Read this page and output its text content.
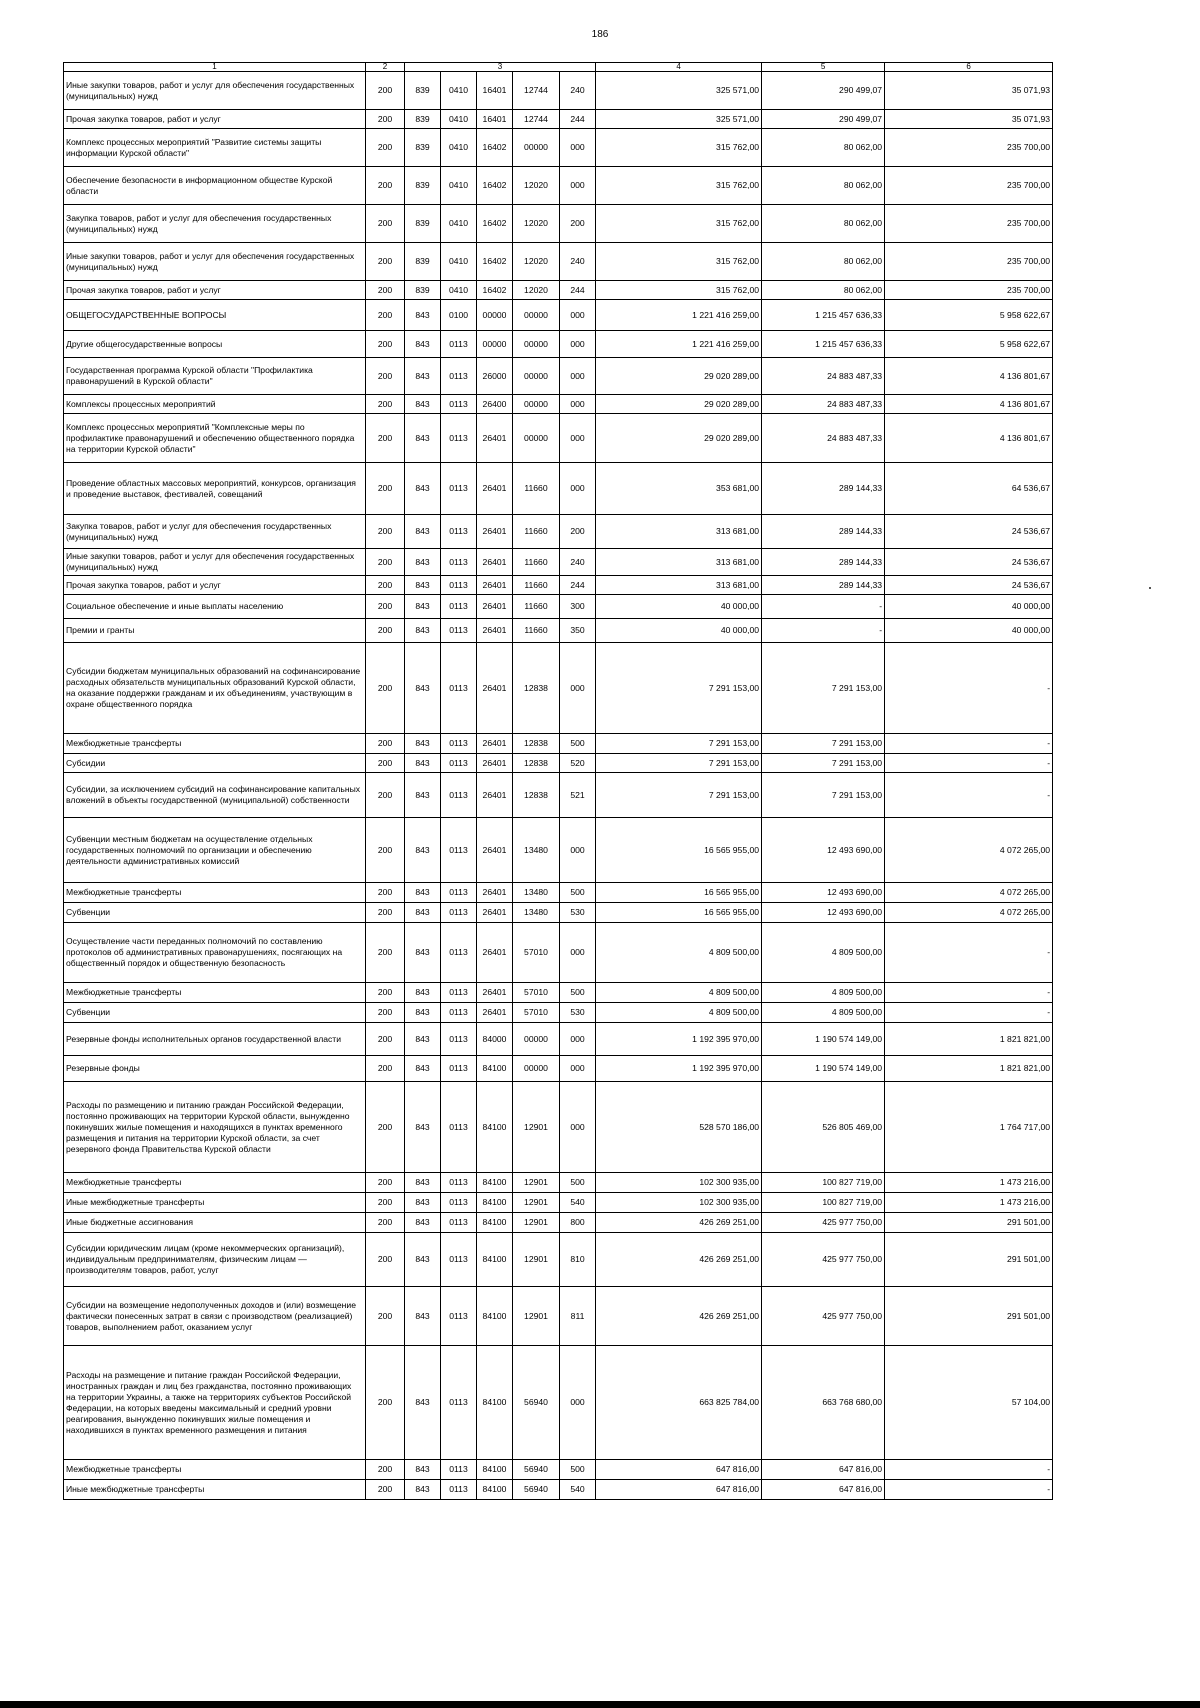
186
1	2	3					4	5	6
Иные закупки товаров, работ и услуг для обеспечения государственных (муниципальных) нужд	200	839	0410	16401	12744	240	325 571,00	290 499,07	35 071,93
Прочая закупка товаров, работ и услуг	200	839	0410	16401	12744	244	325 571,00	290 499,07	35 071,93
Комплекс процессных мероприятий "Развитие системы защиты информации Курской области"	200	839	0410	16402	00000	000	315 762,00	80 062,00	235 700,00
Обеспечение безопасности в информационном обществе Курской области	200	839	0410	16402	12020	000	315 762,00	80 062,00	235 700,00
Закупка товаров, работ и услуг для обеспечения государственных (муниципальных) нужд	200	839	0410	16402	12020	200	315 762,00	80 062,00	235 700,00
Иные закупки товаров, работ и услуг для обеспечения государственных (муниципальных) нужд	200	839	0410	16402	12020	240	315 762,00	80 062,00	235 700,00
Прочая закупка товаров, работ и услуг	200	839	0410	16402	12020	244	315 762,00	80 062,00	235 700,00
ОБЩЕГОСУДАРСТВЕННЫЕ ВОПРОСЫ	200	843	0100	00000	00000	000	1 221 416 259,00	1 215 457 636,33	5 958 622,67
Другие общегосударственные вопросы	200	843	0113	00000	00000	000	1 221 416 259,00	1 215 457 636,33	5 958 622,67
Государственная программа Курской области "Профилактика правонарушений в Курской области"	200	843	0113	26000	00000	000	29 020 289,00	24 883 487,33	4 136 801,67
Комплексы процессных мероприятий	200	843	0113	26400	00000	000	29 020 289,00	24 883 487,33	4 136 801,67
Комплекс процессных мероприятий "Комплексные меры по профилактике правонарушений и обеспечению общественного порядка на территории Курской области"	200	843	0113	26401	00000	000	29 020 289,00	24 883 487,33	4 136 801,67
Проведение областных массовых мероприятий, конкурсов, организация и проведение выставок, фестивалей, совещаний	200	843	0113	26401	11660	000	353 681,00	289 144,33	64 536,67
Закупка товаров, работ и услуг для обеспечения государственных (муниципальных) нужд	200	843	0113	26401	11660	200	313 681,00	289 144,33	24 536,67
Иные закупки товаров, работ и услуг для обеспечения государственных (муниципальных) нужд	200	843	0113	26401	11660	240	313 681,00	289 144,33	24 536,67
Прочая закупка товаров, работ и услуг	200	843	0113	26401	11660	244	313 681,00	289 144,33	24 536,67
Социальное обеспечение и иные выплаты населению	200	843	0113	26401	11660	300	40 000,00	-	40 000,00
Премии и гранты	200	843	0113	26401	11660	350	40 000,00	-	40 000,00
Субсидии бюджетам муниципальных образований на софинансирование расходных обязательств муниципальных образований Курской области, на оказание поддержки гражданам и их объединениям, участвующим в охране общественного порядка	200	843	0113	26401	12838	000	7 291 153,00	7 291 153,00	-
Межбюджетные трансферты	200	843	0113	26401	12838	500	7 291 153,00	7 291 153,00	-
Субсидии	200	843	0113	26401	12838	520	7 291 153,00	7 291 153,00	-
Субсидии, за исключением субсидий на софинансирование капитальных вложений в объекты государственной (муниципальной) собственности	200	843	0113	26401	12838	521	7 291 153,00	7 291 153,00	-
Субвенции местным бюджетам на осуществление отдельных государственных полномочий по организации и обеспечению деятельности административных комиссий	200	843	0113	26401	13480	000	16 565 955,00	12 493 690,00	4 072 265,00
Межбюджетные трансферты	200	843	0113	26401	13480	500	16 565 955,00	12 493 690,00	4 072 265,00
Субвенции	200	843	0113	26401	13480	530	16 565 955,00	12 493 690,00	4 072 265,00
Осуществление части переданных полномочий по составлению протоколов об административных правонарушениях, посягающих на общественный порядок и общественную безопасность	200	843	0113	26401	57010	000	4 809 500,00	4 809 500,00	-
Межбюджетные трансферты	200	843	0113	26401	57010	500	4 809 500,00	4 809 500,00	-
Субвенции	200	843	0113	26401	57010	530	4 809 500,00	4 809 500,00	-
Резервные фонды исполнительных органов государственной власти	200	843	0113	84000	00000	000	1 192 395 970,00	1 190 574 149,00	1 821 821,00
Резервные фонды	200	843	0113	84100	00000	000	1 192 395 970,00	1 190 574 149,00	1 821 821,00
Расходы по размещению и питанию граждан Российской Федерации, постоянно проживающих на территории Курской области, вынужденно покинувших жилые помещения и находящихся в пунктах временного размещения и питания на территории Курской области, за счет резервного фонда Правительства Курской области	200	843	0113	84100	12901	000	528 570 186,00	526 805 469,00	1 764 717,00
Межбюджетные трансферты	200	843	0113	84100	12901	500	102 300 935,00	100 827 719,00	1 473 216,00
Иные межбюджетные трансферты	200	843	0113	84100	12901	540	102 300 935,00	100 827 719,00	1 473 216,00
Иные бюджетные ассигнования	200	843	0113	84100	12901	800	426 269 251,00	425 977 750,00	291 501,00
Субсидии юридическим лицам (кроме некоммерческих организаций), индивидуальным предпринимателям, физическим лицам — производителям товаров, работ, услуг	200	843	0113	84100	12901	810	426 269 251,00	425 977 750,00	291 501,00
Субсидии на возмещение недополученных доходов и (или) возмещение фактически понесенных затрат в связи с производством (реализацией) товаров, выполнением работ, оказанием услуг	200	843	0113	84100	12901	811	426 269 251,00	425 977 750,00	291 501,00
Расходы на размещение и питание граждан Российской Федерации, иностранных граждан и лиц без гражданства, постоянно проживающих на территории Украины, а также на территориях субъектов Российской Федерации, на которых введены максимальный и средний уровни реагирования, вынужденно покинувших жилые помещения и находившихся в пунктах временного размещения и питания	200	843	0113	84100	56940	000	663 825 784,00	663 768 680,00	57 104,00
Межбюджетные трансферты	200	843	0113	84100	56940	500	647 816,00	647 816,00	-
Иные межбюджетные трансферты	200	843	0113	84100	56940	540	647 816,00	647 816,00	-
